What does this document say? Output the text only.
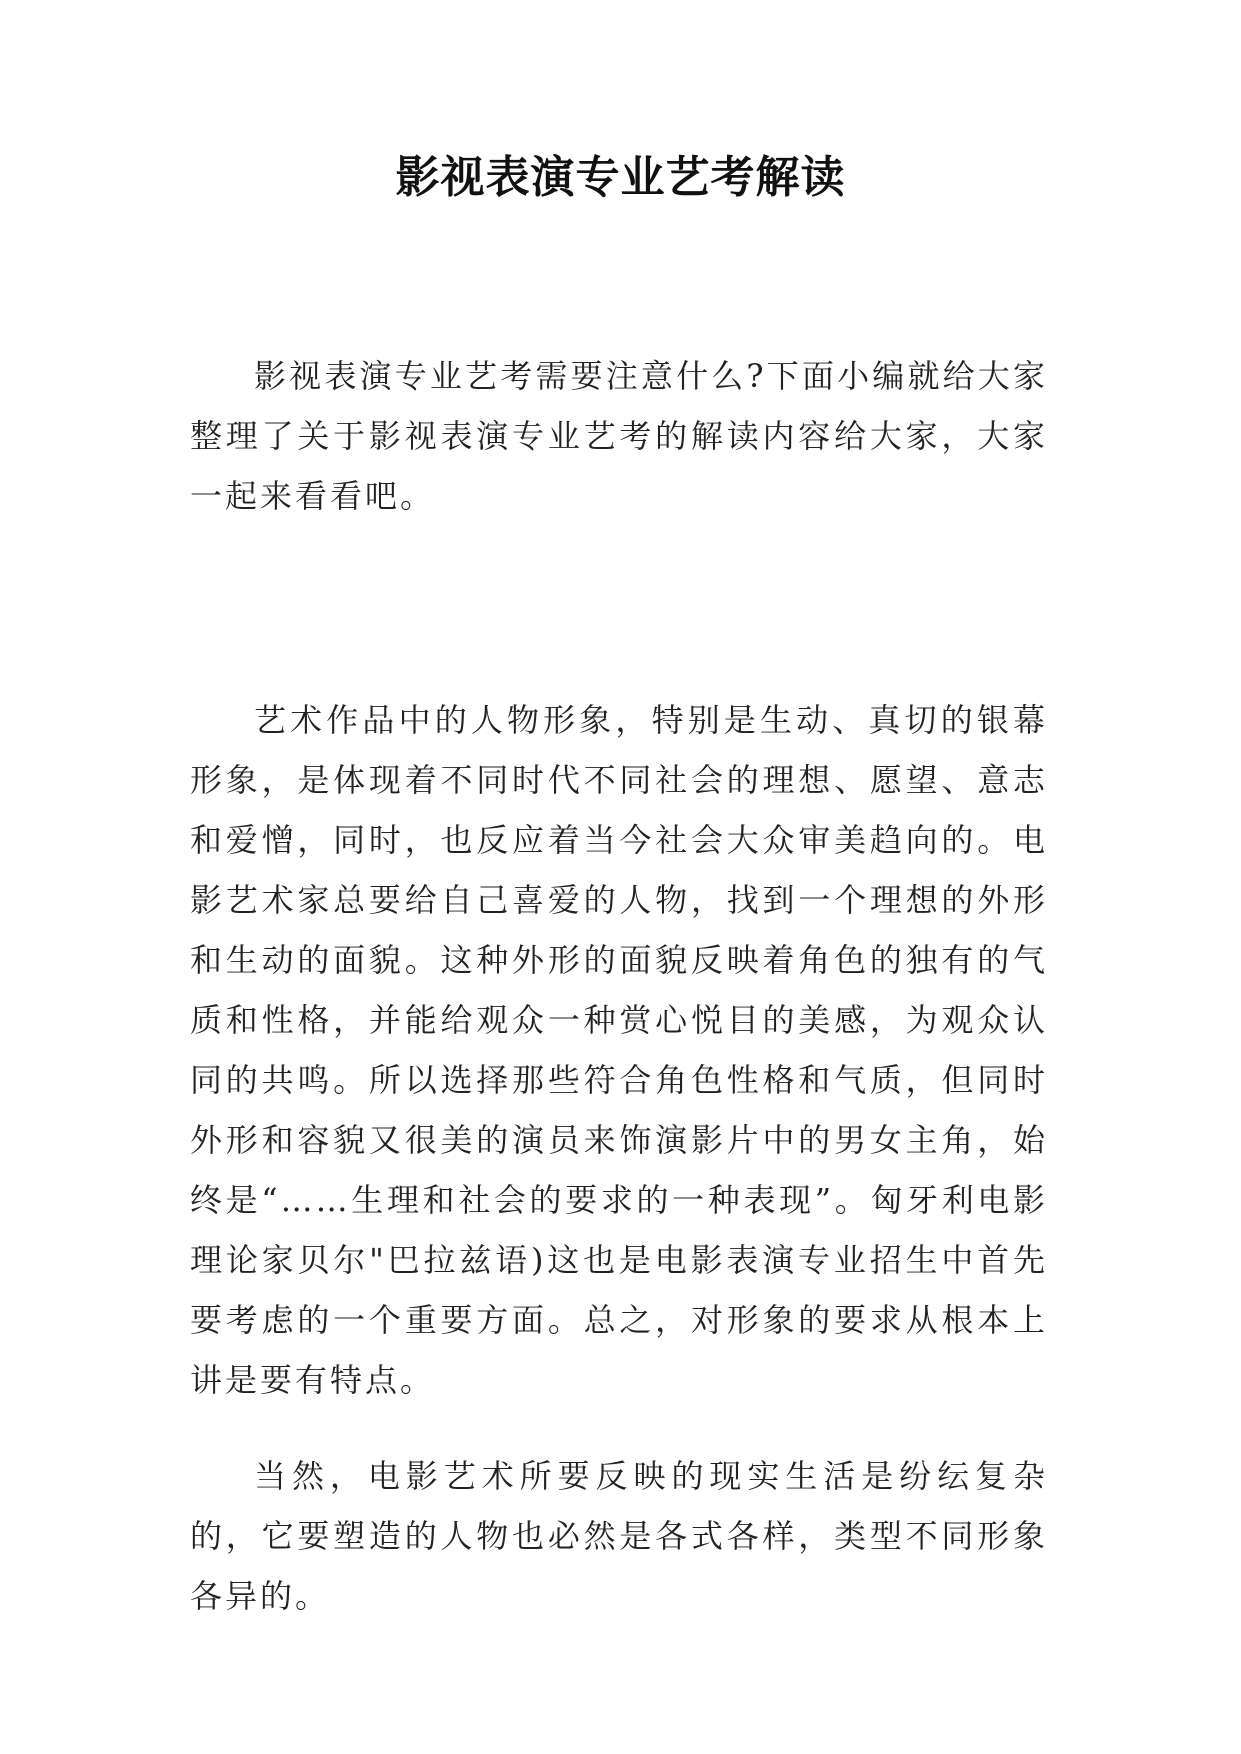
影视表演专业艺考解读

影视表演专业艺考需要注意什么?下面小编就给大家整理了关于影视表演专业艺考的解读内容给大家，大家一起来看看吧。

艺术作品中的人物形象，特别是生动、真切的银幕形象，是体现着不同时代不同社会的理想、愿望、意志和爱憎，同时，也反应着当今社会大众审美趋向的。电影艺术家总要给自己喜爱的人物，找到一个理想的外形和生动的面貌。这种外形的面貌反映着角色的独有的气质和性格，并能给观众一种赏心悦目的美感，为观众认同的共鸣。所以选择那些符合角色性格和气质，但同时外形和容貌又很美的演员来饰演影片中的男女主角，始终是“……生理和社会的要求的一种表现”。匈牙利电影理论家贝尔"巴拉兹语)这也是电影表演专业招生中首先要考虑的一个重要方面。总之，对形象的要求从根本上讲是要有特点。

当然，电影艺术所要反映的现实生活是纷纭复杂的，它要塑造的人物也必然是各式各样，类型不同形象各异的。
